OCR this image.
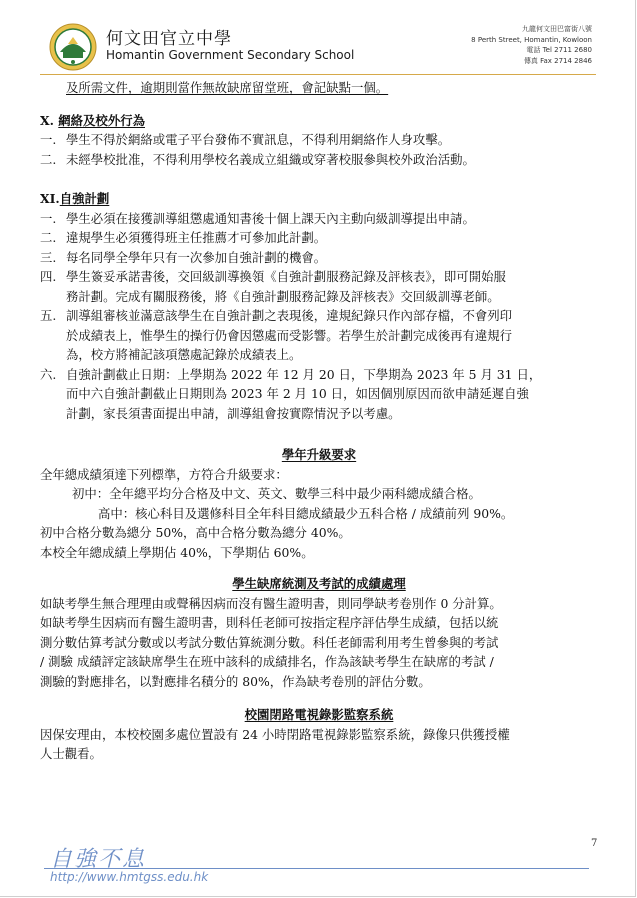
何文田官立中學
Homantin Government Secondary School
九龍何文田巴富街八號
8 Perth Street, Homantin, Kowloon
電話 Tel 2711 2680
傳真 Fax 2714 2846
及所需文件，逾期則當作無故缺席留堂班，會記缺點一個。
X. 網絡及校外行為
一. 學生不得於網絡或電子平台發佈不實訊息，不得利用網絡作人身攻擊。
二. 未經學校批准，不得利用學校名義成立組織或穿著校服參與校外政治活動。
XI.自強計劃
一. 學生必須在接獲訓導組懲處通知書後十個上課天內主動向級訓導提出申請。
二. 違規學生必須獲得班主任推薦才可參加此計劃。
三. 每名同學全學年只有一次參加自強計劃的機會。
四. 學生簽妥承諾書後，交回級訓導換領《自強計劃服務記錄及評核表》，即可開始服
務計劃。完成有關服務後，將《自強計劃服務記錄及評核表》交回級訓導老師。
五. 訓導組審核並滿意該學生在自強計劃之表現後，違規紀錄只作內部存檔，不會列印
於成績表上，惟學生的操行仍會因懲處而受影響。若學生於計劃完成後再有違規行
為，校方將補記該項懲處記錄於成績表上。
六. 自強計劃截止日期：上學期為 2022 年 12 月 20 日，下學期為 2023 年 5 月 31 日，
而中六自強計劃截止日期則為 2023 年 2 月 10 日，如因個別原因而欲申請延遲自強
計劃，家長須書面提出申請，訓導組會按實際情況予以考慮。
學年升級要求
全年總成績須達下列標準，方符合升級要求：
初中：全年總平均分合格及中文、英文、數學三科中最少兩科總成績合格。
高中：核心科目及選修科目全年科目總成績最少五科合格 / 成績前列 90%。
初中合格分數為總分 50%，高中合格分數為總分 40%。
本校全年總成績上學期佔 40%，下學期佔 60%。
學生缺席統測及考試的成績處理
如缺考學生無合理理由或聲稱因病而沒有醫生證明書，則同學缺考卷別作 0 分計算。
如缺考學生因病而有醫生證明書，則科任老師可按指定程序評估學生成績，包括以統
測分數估算考試分數或以考試分數估算統測分數。科任老師需利用考生曾參與的考試
/ 測驗 成績評定該缺席學生在班中該科的成績排名，作為該缺考學生在缺席的考試 /
測驗的對應排名，以對應排名積分的 80%，作為缺考卷別的評估分數。
校園閉路電視錄影監察系統
因保安理由，本校校園多處位置設有 24 小時閉路電視錄影監察系統，錄像只供獲授權
人士觀看。
7
自強不息
http://www.hmtgss.edu.hk
